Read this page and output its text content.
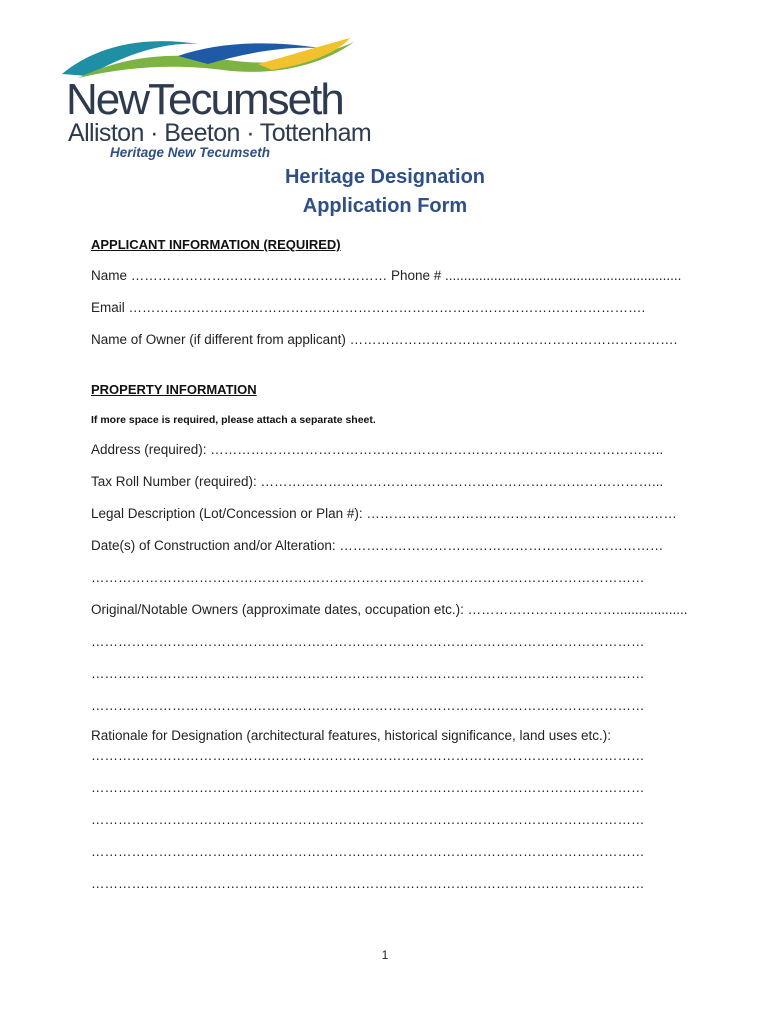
NewTecumseth
Alliston · Beeton · Tottenham
Heritage New Tecumseth
Heritage Designation
Application Form
APPLICANT INFORMATION (REQUIRED)
Name ………………………………………………… Phone # ...............................................................
Email …………………………………………………………………………………………………….
Name of Owner (if different from applicant) ……………………………………………………………….
PROPERTY INFORMATION
If more space is required, please attach a separate sheet.
Address (required): ………………………………………………………………………………………..
Tax Roll Number (required): ……………………………………………………………………………...
Legal Description (Lot/Concession or Plan #): ……………………………………………………………
Date(s) of Construction and/or Alteration: ………………………………………………………………
……………………………………………………………………………………………………………
Original/Notable Owners (approximate dates, occupation etc.): ……………………………...................
……………………………………………………………………………………………………………
……………………………………………………………………………………………………………
……………………………………………………………………………………………………………
Rationale for Designation (architectural features, historical significance, land uses etc.):
……………………………………………………………………………………………………………
……………………………………………………………………………………………………………
……………………………………………………………………………………………………………
……………………………………………………………………………………………………………
……………………………………………………………………………………………………………
1
